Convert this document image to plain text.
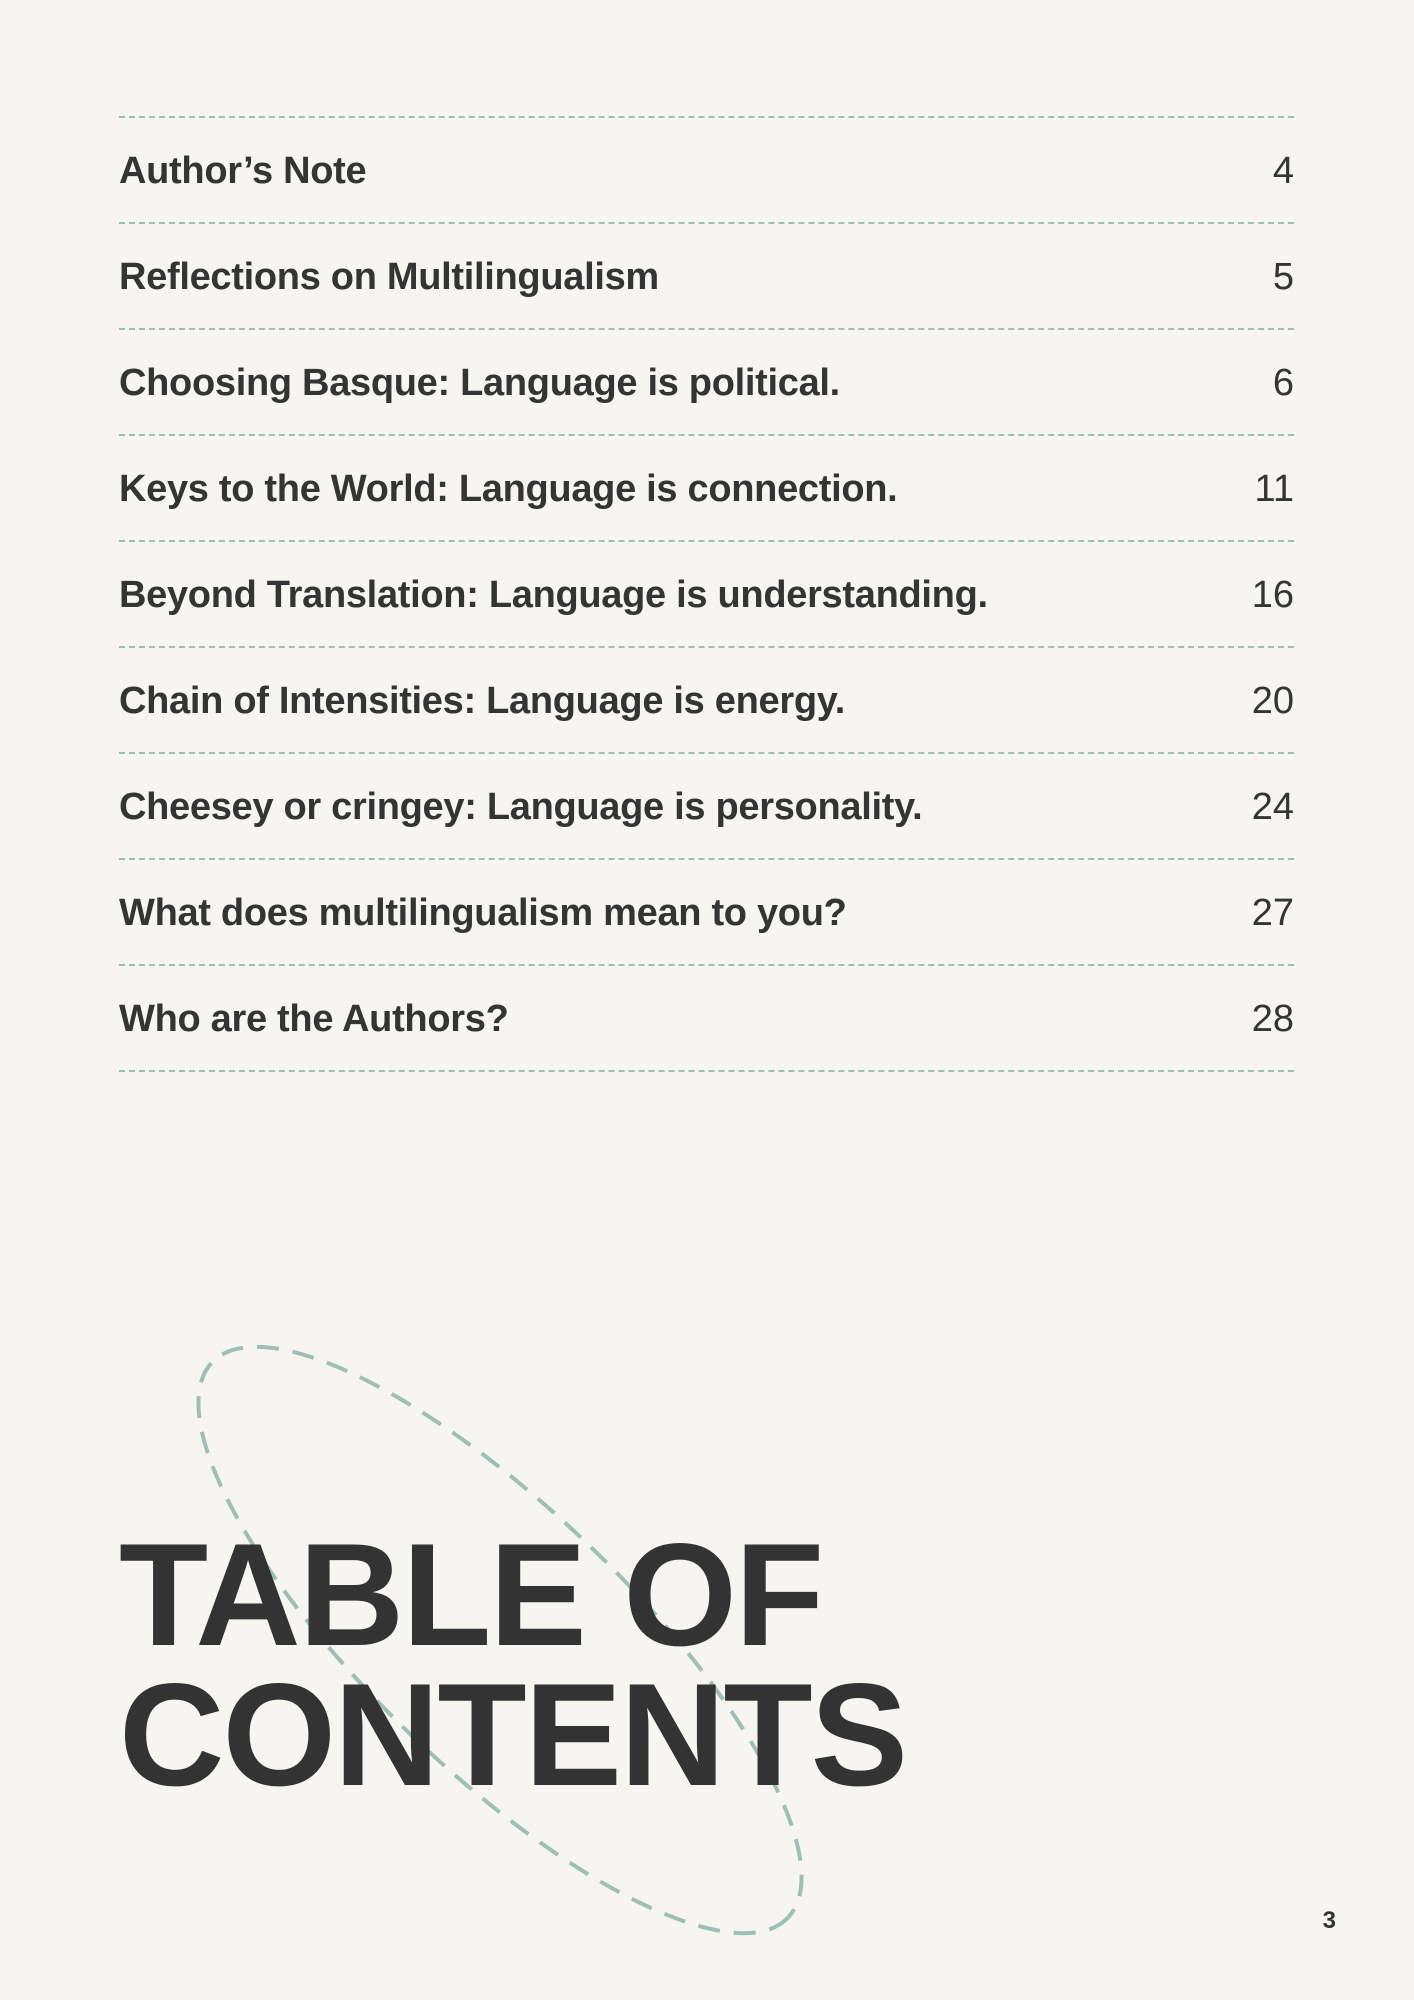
Author’s Note	4
Reflections on Multilingualism	5
Choosing Basque: Language is political.	6
Keys to the World: Language is connection.	11
Beyond Translation: Language is understanding.	16
Chain of Intensities: Language is energy.	20
Cheesey or cringey: Language is personality.	24
What does multilingualism mean to you?	27
Who are the Authors?	28
TABLE OF
CONTENTS
3
